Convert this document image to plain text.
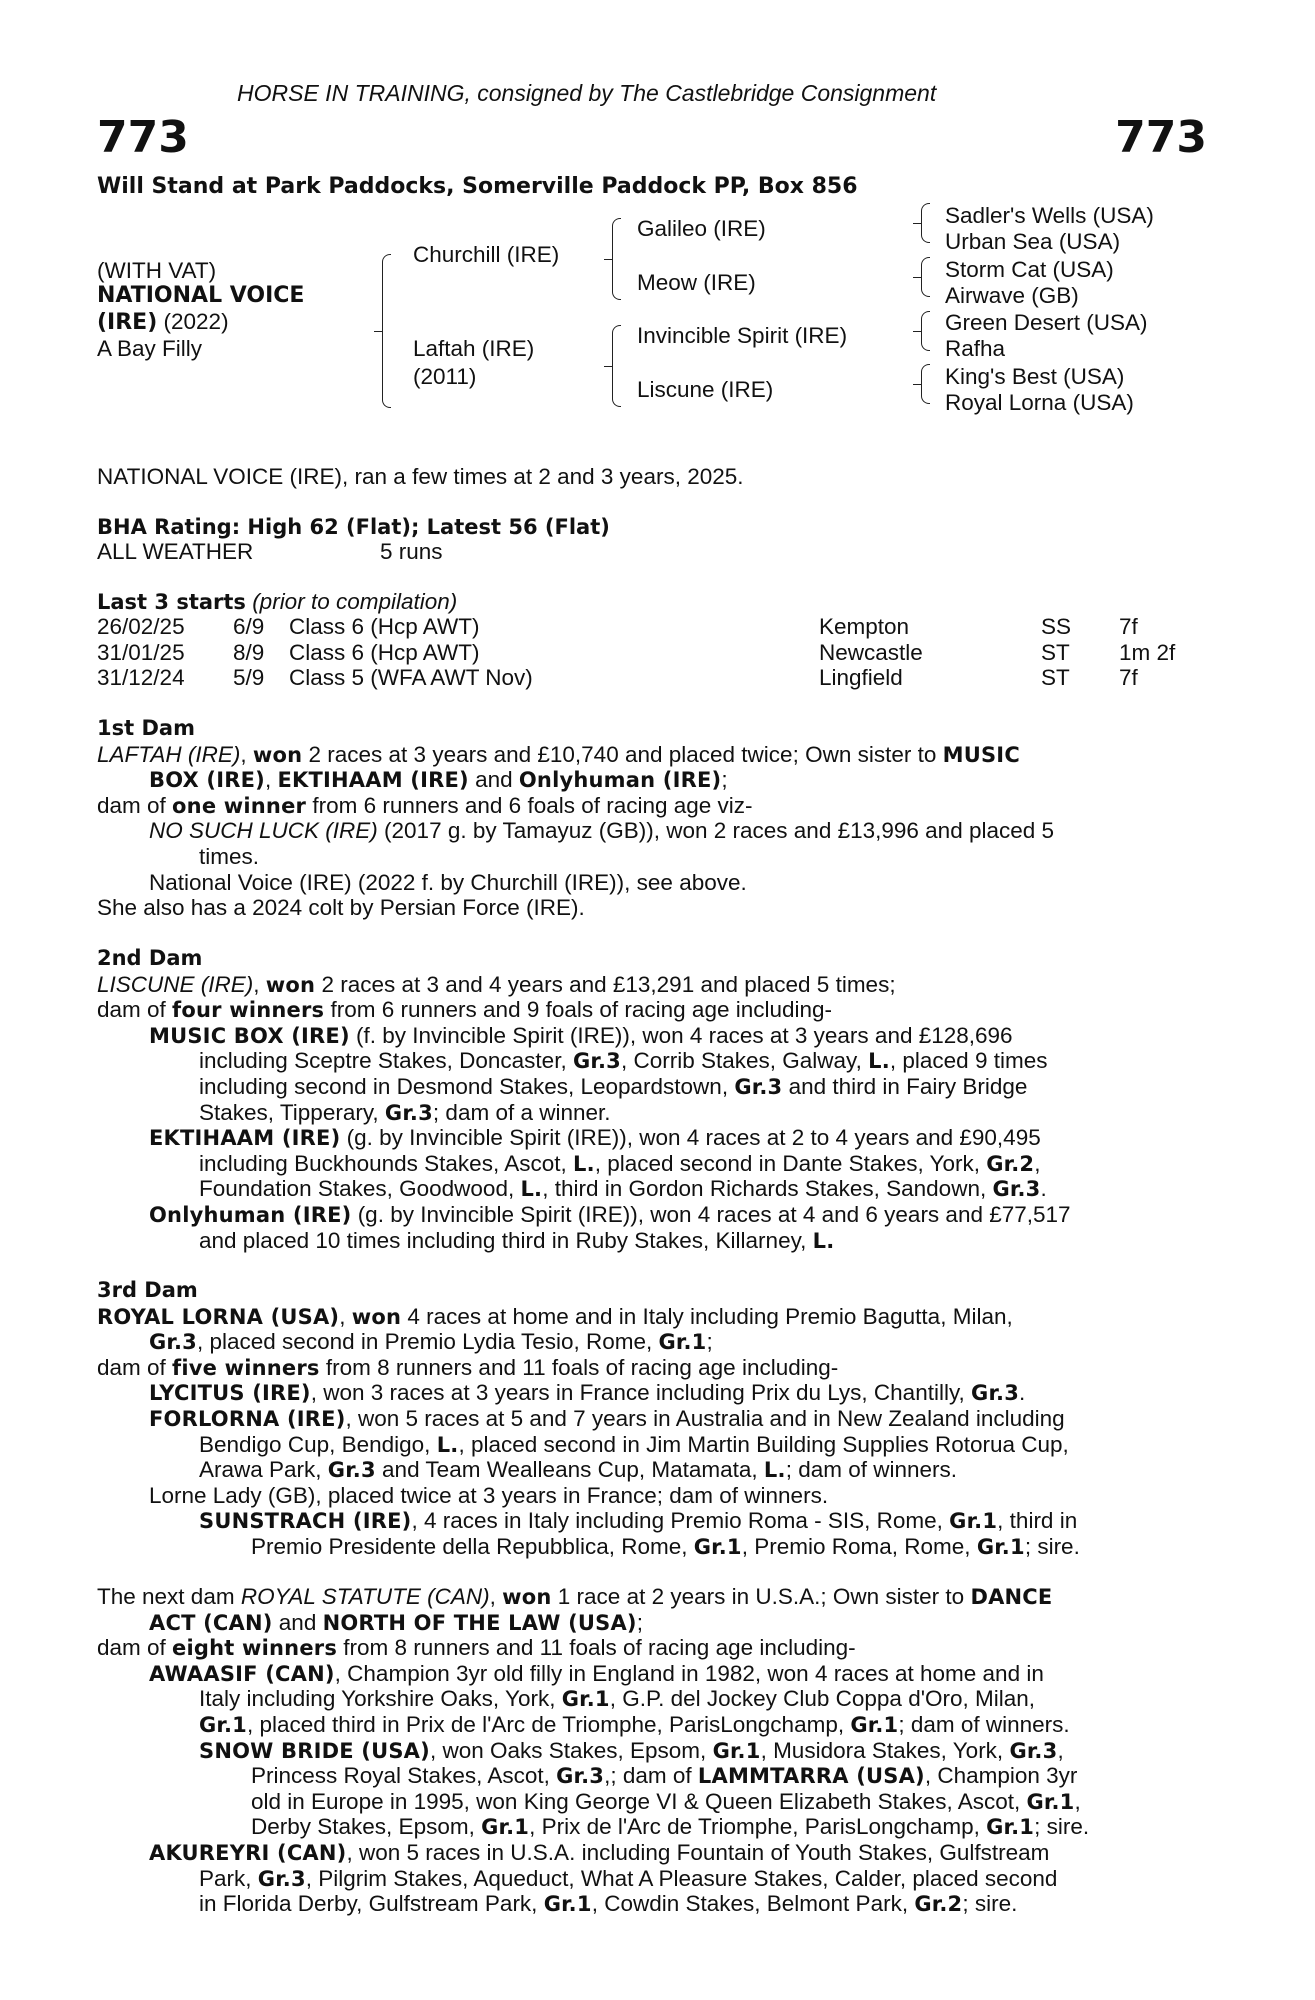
HORSE IN TRAINING, consigned by The Castlebridge Consignment
773	773
Will Stand at Park Paddocks, Somerville Paddock PP, Box 856
(WITH VAT)
NATIONAL VOICE
(IRE) (2022)
A Bay Filly
Churchill (IRE)
Laftah (IRE)
(2011)
Galileo (IRE)
Meow (IRE)
Invincible Spirit (IRE)
Liscune (IRE)
Sadler's Wells (USA)
Urban Sea (USA)
Storm Cat (USA)
Airwave (GB)
Green Desert (USA)
Rafha
King's Best (USA)
Royal Lorna (USA)
NATIONAL VOICE (IRE), ran a few times at 2 and 3 years, 2025.
BHA Rating: High 62 (Flat); Latest 56 (Flat)
ALL WEATHER	5 runs
Last 3 starts (prior to compilation)
26/02/25	6/9	Class 6 (Hcp AWT)	Kempton	SS	7f
31/01/25	8/9	Class 6 (Hcp AWT)	Newcastle	ST	1m 2f
31/12/24	5/9	Class 5 (WFA AWT Nov)	Lingfield	ST	7f
1st Dam
LAFTAH (IRE), won 2 races at 3 years and £10,740 and placed twice; Own sister to MUSIC
BOX (IRE), EKTIHAAM (IRE) and Onlyhuman (IRE);
dam of one winner from 6 runners and 6 foals of racing age viz-
NO SUCH LUCK (IRE) (2017 g. by Tamayuz (GB)), won 2 races and £13,996 and placed 5
times.
National Voice (IRE) (2022 f. by Churchill (IRE)), see above.
She also has a 2024 colt by Persian Force (IRE).
2nd Dam
LISCUNE (IRE), won 2 races at 3 and 4 years and £13,291 and placed 5 times;
dam of four winners from 6 runners and 9 foals of racing age including-
MUSIC BOX (IRE) (f. by Invincible Spirit (IRE)), won 4 races at 3 years and £128,696
including Sceptre Stakes, Doncaster, Gr.3, Corrib Stakes, Galway, L., placed 9 times
including second in Desmond Stakes, Leopardstown, Gr.3 and third in Fairy Bridge
Stakes, Tipperary, Gr.3; dam of a winner.
EKTIHAAM (IRE) (g. by Invincible Spirit (IRE)), won 4 races at 2 to 4 years and £90,495
including Buckhounds Stakes, Ascot, L., placed second in Dante Stakes, York, Gr.2,
Foundation Stakes, Goodwood, L., third in Gordon Richards Stakes, Sandown, Gr.3.
Onlyhuman (IRE) (g. by Invincible Spirit (IRE)), won 4 races at 4 and 6 years and £77,517
and placed 10 times including third in Ruby Stakes, Killarney, L.
3rd Dam
ROYAL LORNA (USA), won 4 races at home and in Italy including Premio Bagutta, Milan,
Gr.3, placed second in Premio Lydia Tesio, Rome, Gr.1;
dam of five winners from 8 runners and 11 foals of racing age including-
LYCITUS (IRE), won 3 races at 3 years in France including Prix du Lys, Chantilly, Gr.3.
FORLORNA (IRE), won 5 races at 5 and 7 years in Australia and in New Zealand including
Bendigo Cup, Bendigo, L., placed second in Jim Martin Building Supplies Rotorua Cup,
Arawa Park, Gr.3 and Team Wealleans Cup, Matamata, L.; dam of winners.
Lorne Lady (GB), placed twice at 3 years in France; dam of winners.
SUNSTRACH (IRE), 4 races in Italy including Premio Roma - SIS, Rome, Gr.1, third in
Premio Presidente della Repubblica, Rome, Gr.1, Premio Roma, Rome, Gr.1; sire.
The next dam ROYAL STATUTE (CAN), won 1 race at 2 years in U.S.A.; Own sister to DANCE
ACT (CAN) and NORTH OF THE LAW (USA);
dam of eight winners from 8 runners and 11 foals of racing age including-
AWAASIF (CAN), Champion 3yr old filly in England in 1982, won 4 races at home and in
Italy including Yorkshire Oaks, York, Gr.1, G.P. del Jockey Club Coppa d'Oro, Milan,
Gr.1, placed third in Prix de l'Arc de Triomphe, ParisLongchamp, Gr.1; dam of winners.
SNOW BRIDE (USA), won Oaks Stakes, Epsom, Gr.1, Musidora Stakes, York, Gr.3,
Princess Royal Stakes, Ascot, Gr.3,; dam of LAMMTARRA (USA), Champion 3yr
old in Europe in 1995, won King George VI & Queen Elizabeth Stakes, Ascot, Gr.1,
Derby Stakes, Epsom, Gr.1, Prix de l'Arc de Triomphe, ParisLongchamp, Gr.1; sire.
AKUREYRI (CAN), won 5 races in U.S.A. including Fountain of Youth Stakes, Gulfstream
Park, Gr.3, Pilgrim Stakes, Aqueduct, What A Pleasure Stakes, Calder, placed second
in Florida Derby, Gulfstream Park, Gr.1, Cowdin Stakes, Belmont Park, Gr.2; sire.
